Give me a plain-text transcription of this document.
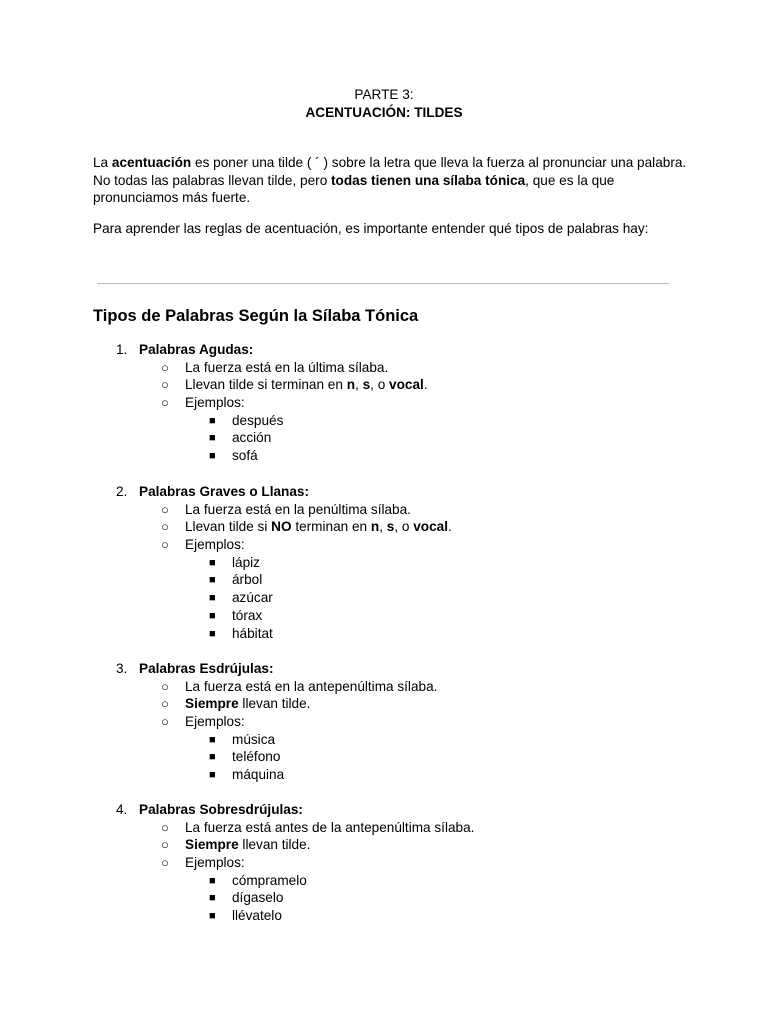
PARTE 3:
ACENTUACIÓN: TILDES

La acentuación es poner una tilde ( ´ ) sobre la letra que lleva la fuerza al pronunciar una palabra.
No todas las palabras llevan tilde, pero todas tienen una sílaba tónica, que es la que pronunciamos más fuerte.

Para aprender las reglas de acentuación, es importante entender qué tipos de palabras hay:

Tipos de Palabras Según la Sílaba Tónica
1. Palabras Agudas:
○ La fuerza está en la última sílaba.
○ Llevan tilde si terminan en n, s, o vocal.
○ Ejemplos:
■ después
■ acción
■ sofá
2. Palabras Graves o Llanas:
○ La fuerza está en la penúltima sílaba.
○ Llevan tilde si NO terminan en n, s, o vocal.
○ Ejemplos:
■ lápiz
■ árbol
■ azúcar
■ tórax
■ hábitat
3. Palabras Esdrújulas:
○ La fuerza está en la antepenúltima sílaba.
○ Siempre llevan tilde.
○ Ejemplos:
■ música
■ teléfono
■ máquina
4. Palabras Sobresdrújulas:
○ La fuerza está antes de la antepenúltima sílaba.
○ Siempre llevan tilde.
○ Ejemplos:
■ cómpramelo
■ dígaselo
■ llévatelo
